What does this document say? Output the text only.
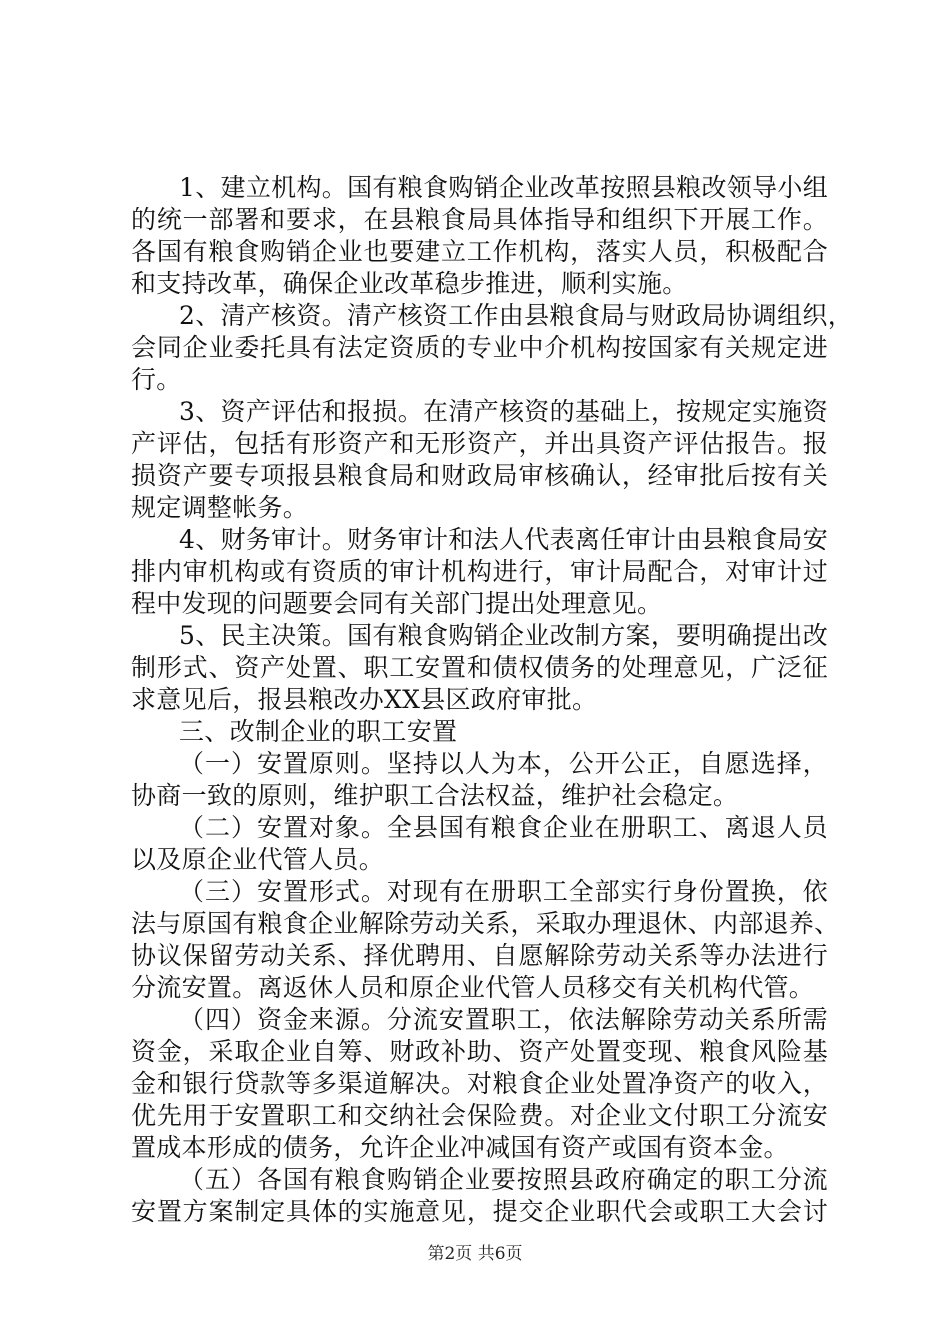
1、建立机构。国有粮食购销企业改革按照县粮改领导小组
的统一部署和要求，在县粮食局具体指导和组织下开展工作。
各国有粮食购销企业也要建立工作机构，落实人员，积极配合
和支持改革，确保企业改革稳步推进，顺利实施。
2、清产核资。清产核资工作由县粮食局与财政局协调组织，
会同企业委托具有法定资质的专业中介机构按国家有关规定进
行。
3、资产评估和报损。在清产核资的基础上，按规定实施资
产评估，包括有形资产和无形资产，并出具资产评估报告。报
损资产要专项报县粮食局和财政局审核确认，经审批后按有关
规定调整帐务。
4、财务审计。财务审计和法人代表离任审计由县粮食局安
排内审机构或有资质的审计机构进行，审计局配合，对审计过
程中发现的问题要会同有关部门提出处理意见。
5、民主决策。国有粮食购销企业改制方案，要明确提出改
制形式、资产处置、职工安置和债权债务的处理意见，广泛征
求意见后，报县粮改办XX县区政府审批。
三、改制企业的职工安置
（一）安置原则。坚持以人为本，公开公正，自愿选择，
协商一致的原则，维护职工合法权益，维护社会稳定。
（二）安置对象。全县国有粮食企业在册职工、离退人员
以及原企业代管人员。
（三）安置形式。对现有在册职工全部实行身份置换，依
法与原国有粮食企业解除劳动关系，采取办理退休、内部退养、
协议保留劳动关系、择优聘用、自愿解除劳动关系等办法进行
分流安置。离返休人员和原企业代管人员移交有关机构代管。
（四）资金来源。分流安置职工，依法解除劳动关系所需
资金，采取企业自筹、财政补助、资产处置变现、粮食风险基
金和银行贷款等多渠道解决。对粮食企业处置净资产的收入，
优先用于安置职工和交纳社会保险费。对企业文付职工分流安
置成本形成的债务，允许企业冲减国有资产或国有资本金。
（五）各国有粮食购销企业要按照县政府确定的职工分流
安置方案制定具体的实施意见，提交企业职代会或职工大会讨
第2页 共6页
